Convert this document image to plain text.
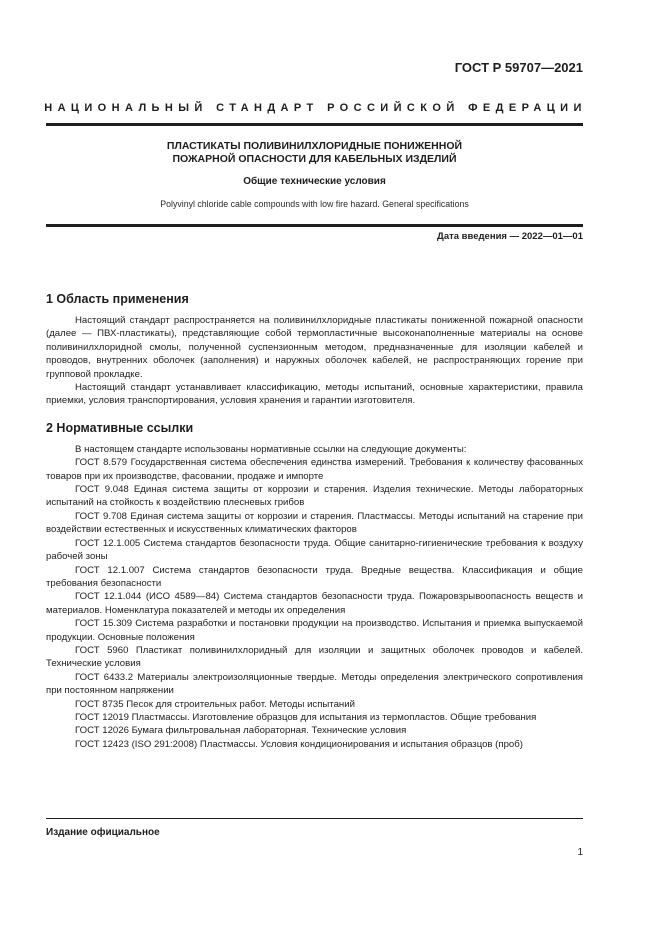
ГОСТ Р 59707—2021
НАЦИОНАЛЬНЫЙ СТАНДАРТ РОССИЙСКОЙ ФЕДЕРАЦИИ
ПЛАСТИКАТЫ ПОЛИВИНИЛХЛОРИДНЫЕ ПОНИЖЕННОЙ
ПОЖАРНОЙ ОПАСНОСТИ ДЛЯ КАБЕЛЬНЫХ ИЗДЕЛИЙ
Общие технические условия
Polyvinyl chloride cable compounds with low fire hazard. General specifications
Дата введения — 2022—01—01
1 Область применения

Настоящий стандарт распространяется на поливинилхлоридные пластикаты пониженной пожарной опасности (далее — ПВХ-пластикаты), представляющие собой термопластичные высоконаполненные материалы на основе поливинилхлоридной смолы, полученной суспензионным методом, предназначенные для изоляции кабелей и проводов, внутренних оболочек (заполнения) и наружных оболочек кабелей, не распространяющих горение при групповой прокладке.

Настоящий стандарт устанавливает классификацию, методы испытаний, основные характеристики, правила приемки, условия транспортирования, условия хранения и гарантии изготовителя.

2 Нормативные ссылки

В настоящем стандарте использованы нормативные ссылки на следующие документы:

ГОСТ 8.579 Государственная система обеспечения единства измерений. Требования к количеству фасованных товаров при их производстве, фасовании, продаже и импорте

ГОСТ 9.048 Единая система защиты от коррозии и старения. Изделия технические. Методы лабораторных испытаний на стойкость к воздействию плесневых грибов

ГОСТ 9.708 Единая система защиты от коррозии и старения. Пластмассы. Методы испытаний на старение при воздействии естественных и искусственных климатических факторов

ГОСТ 12.1.005 Система стандартов безопасности труда. Общие санитарно-гигиенические требования к воздуху рабочей зоны

ГОСТ 12.1.007 Система стандартов безопасности труда. Вредные вещества. Классификация и общие требования безопасности

ГОСТ 12.1.044 (ИСО 4589—84) Система стандартов безопасности труда. Пожаровзрывоопасность веществ и материалов. Номенклатура показателей и методы их определения

ГОСТ 15.309 Система разработки и постановки продукции на производство. Испытания и приемка выпускаемой продукции. Основные положения

ГОСТ 5960 Пластикат поливинилхлоридный для изоляции и защитных оболочек проводов и кабелей. Технические условия

ГОСТ 6433.2 Материалы электроизоляционные твердые. Методы определения электрического сопротивления при постоянном напряжении

ГОСТ 8735 Песок для строительных работ. Методы испытаний

ГОСТ 12019 Пластмассы. Изготовление образцов для испытания из термопластов. Общие требования

ГОСТ 12026 Бумага фильтровальная лабораторная. Технические условия

ГОСТ 12423 (ISO 291:2008) Пластмассы. Условия кондиционирования и испытания образцов (проб)

Издание официальное
1
